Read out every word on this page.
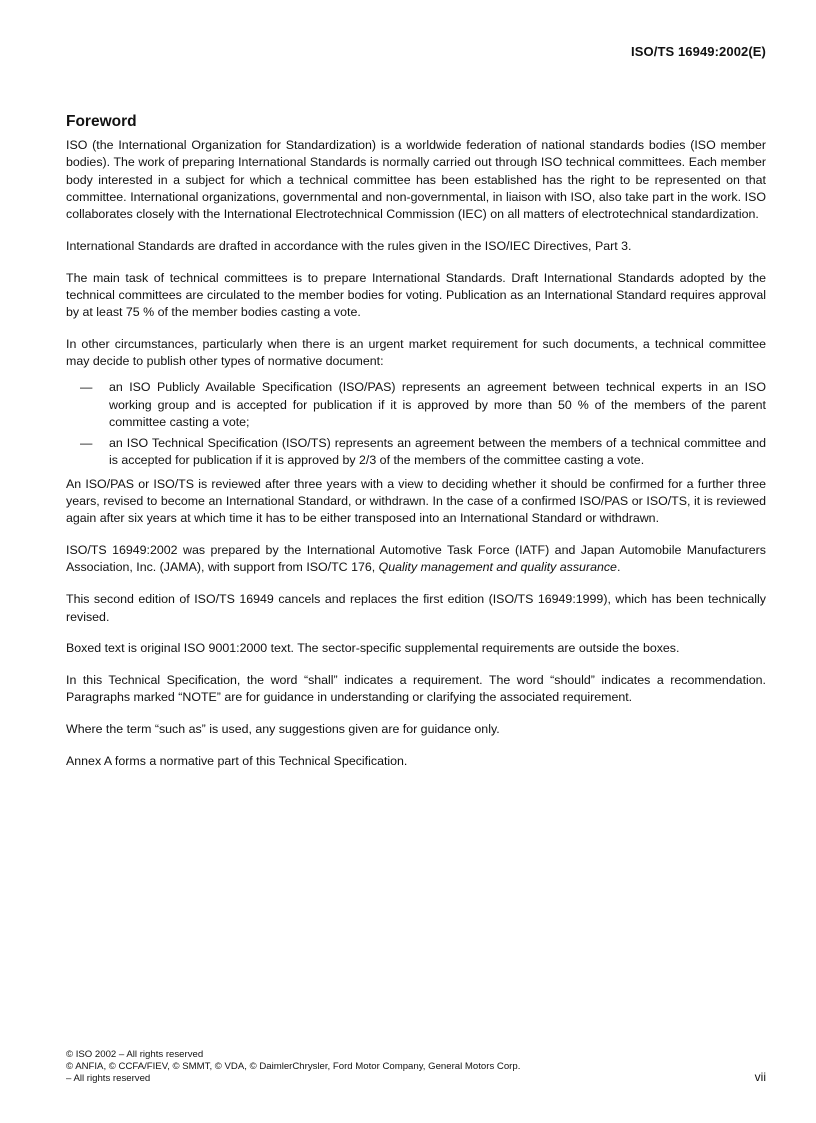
ISO/TS 16949:2002(E)
Foreword

ISO (the International Organization for Standardization) is a worldwide federation of national standards bodies (ISO member bodies). The work of preparing International Standards is normally carried out through ISO technical committees. Each member body interested in a subject for which a technical committee has been established has the right to be represented on that committee. International organizations, governmental and non-governmental, in liaison with ISO, also take part in the work. ISO collaborates closely with the International Electrotechnical Commission (IEC) on all matters of electrotechnical standardization.

International Standards are drafted in accordance with the rules given in the ISO/IEC Directives, Part 3.

The main task of technical committees is to prepare International Standards. Draft International Standards adopted by the technical committees are circulated to the member bodies for voting. Publication as an International Standard requires approval by at least 75 % of the member bodies casting a vote.

In other circumstances, particularly when there is an urgent market requirement for such documents, a technical committee may decide to publish other types of normative document:

— an ISO Publicly Available Specification (ISO/PAS) represents an agreement between technical experts in an ISO working group and is accepted for publication if it is approved by more than 50 % of the members of the parent committee casting a vote;
— an ISO Technical Specification (ISO/TS) represents an agreement between the members of a technical committee and is accepted for publication if it is approved by 2/3 of the members of the committee casting a vote.

An ISO/PAS or ISO/TS is reviewed after three years with a view to deciding whether it should be confirmed for a further three years, revised to become an International Standard, or withdrawn. In the case of a confirmed ISO/PAS or ISO/TS, it is reviewed again after six years at which time it has to be either transposed into an International Standard or withdrawn.

ISO/TS 16949:2002 was prepared by the International Automotive Task Force (IATF) and Japan Automobile Manufacturers Association, Inc. (JAMA), with support from ISO/TC 176, Quality management and quality assurance.

This second edition of ISO/TS 16949 cancels and replaces the first edition (ISO/TS 16949:1999), which has been technically revised.

Boxed text is original ISO 9001:2000 text. The sector-specific supplemental requirements are outside the boxes.

In this Technical Specification, the word “shall” indicates a requirement. The word “should” indicates a recommendation. Paragraphs marked “NOTE” are for guidance in understanding or clarifying the associated requirement.

Where the term “such as” is used, any suggestions given are for guidance only.

Annex A forms a normative part of this Technical Specification.

© ISO 2002 – All rights reserved
© ANFIA, © CCFA/FIEV, © SMMT, © VDA, © DaimlerChrysler, Ford Motor Company, General Motors Corp.
– All rights reserved	vii
